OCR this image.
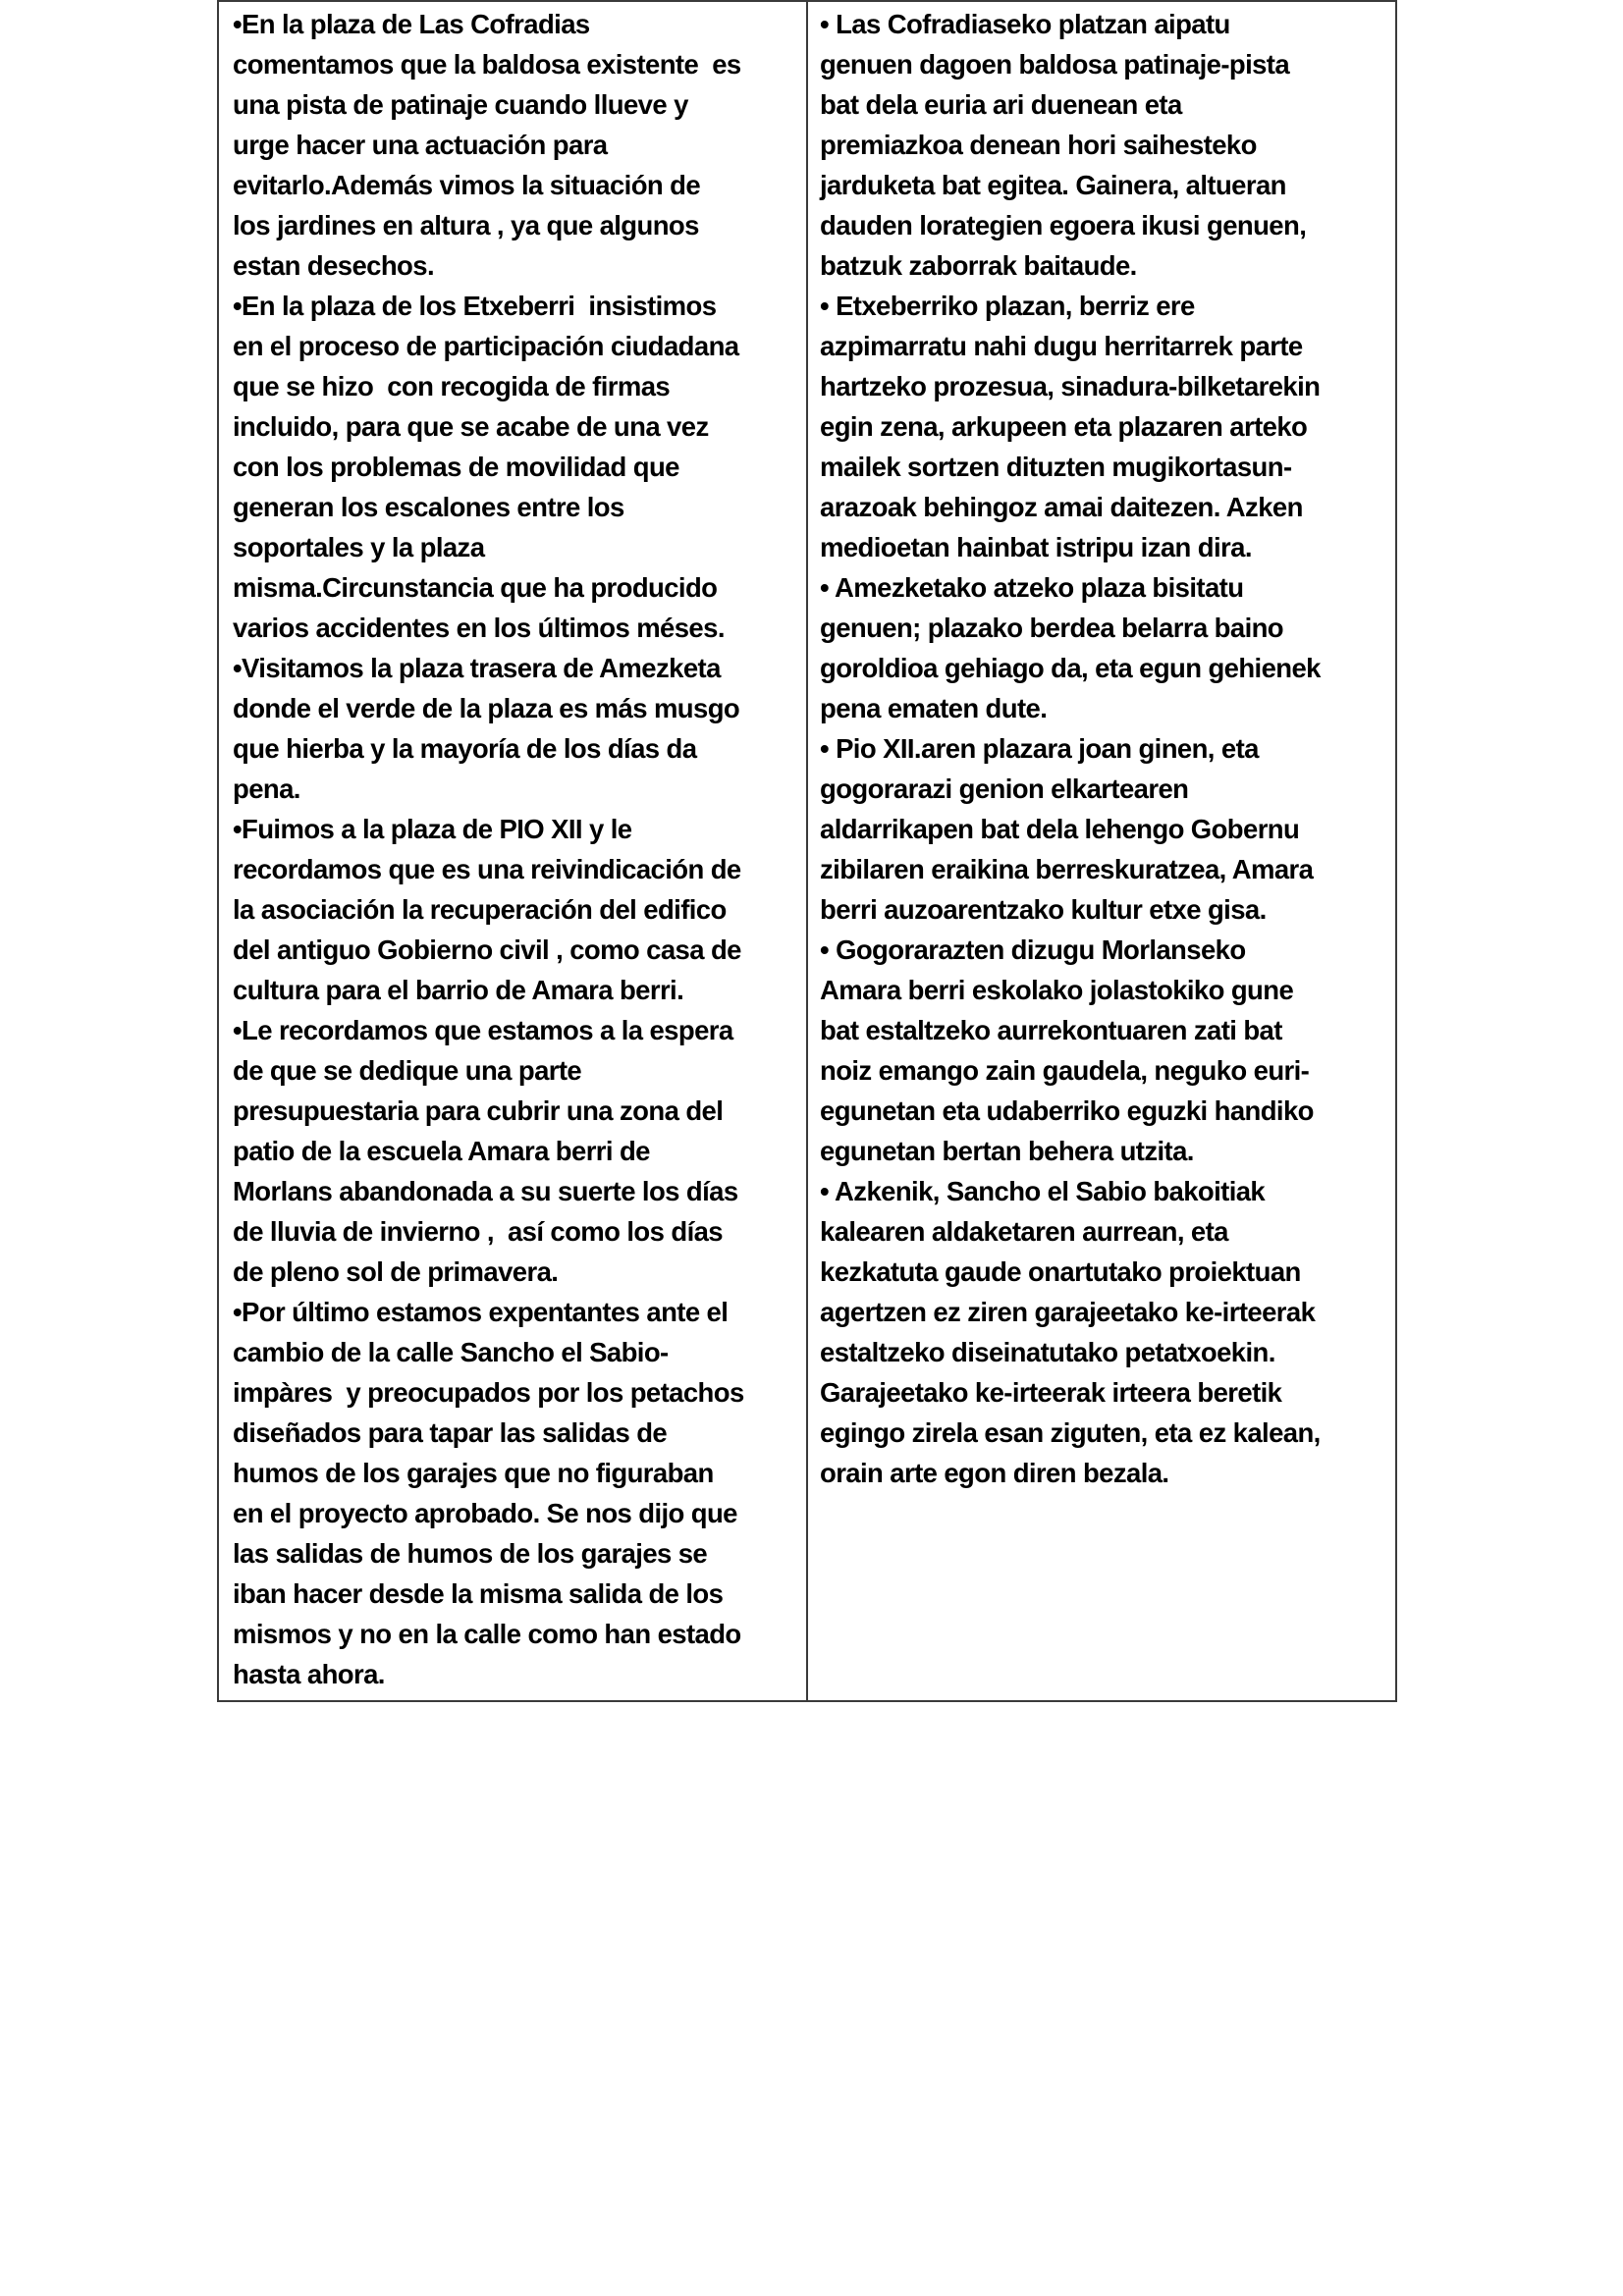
•En la plaza de Las Cofradias
comentamos que la baldosa existente  es
una pista de patinaje cuando llueve y
urge hacer una actuación para
evitarlo.Además vimos la situación de
los jardines en altura , ya que algunos
estan desechos.
•En la plaza de los Etxeberri  insistimos
en el proceso de participación ciudadana
que se hizo  con recogida de firmas
incluido, para que se acabe de una vez
con los problemas de movilidad que
generan los escalones entre los
soportales y la plaza
misma.Circunstancia que ha producido
varios accidentes en los últimos méses.
•Visitamos la plaza trasera de Amezketa
donde el verde de la plaza es más musgo
que hierba y la mayoría de los días da
pena.
•Fuimos a la plaza de PIO XII y le
recordamos que es una reivindicación de
la asociación la recuperación del edifico
del antiguo Gobierno civil , como casa de
cultura para el barrio de Amara berri.
•Le recordamos que estamos a la espera
de que se dedique una parte
presupuestaria para cubrir una zona del
patio de la escuela Amara berri de
Morlans abandonada a su suerte los días
de lluvia de invierno ,  así como los días
de pleno sol de primavera.
•Por último estamos expentantes ante el
cambio de la calle Sancho el Sabio-
impàres  y preocupados por los petachos
diseñados para tapar las salidas de
humos de los garajes que no figuraban
en el proyecto aprobado. Se nos dijo que
las salidas de humos de los garajes se
iban hacer desde la misma salida de los
mismos y no en la calle como han estado
hasta ahora.

• Las Cofradiaseko platzan aipatu
genuen dagoen baldosa patinaje-pista
bat dela euria ari duenean eta
premiazkoa denean hori saihesteko
jarduketa bat egitea. Gainera, altueran
dauden lorategien egoera ikusi genuen,
batzuk zaborrak baitaude.
• Etxeberriko plazan, berriz ere
azpimarratu nahi dugu herritarrek parte
hartzeko prozesua, sinadura-bilketarekin
egin zena, arkupeen eta plazaren arteko
mailek sortzen dituzten mugikortasun-
arazoak behingoz amai daitezen. Azken
medioetan hainbat istripu izan dira.
• Amezketako atzeko plaza bisitatu
genuen; plazako berdea belarra baino
goroldioa gehiago da, eta egun gehienek
pena ematen dute.
• Pio XII.aren plazara joan ginen, eta
gogorarazi genion elkartearen
aldarrikapen bat dela lehengo Gobernu
zibilaren eraikina berreskuratzea, Amara
berri auzoarentzako kultur etxe gisa.
• Gogorarazten dizugu Morlanseko
Amara berri eskolako jolastokiko gune
bat estaltzeko aurrekontuaren zati bat
noiz emango zain gaudela, neguko euri-
egunetan eta udaberriko eguzki handiko
egunetan bertan behera utzita.
• Azkenik, Sancho el Sabio bakoitiak
kalearen aldaketaren aurrean, eta
kezkatuta gaude onartutako proiektuan
agertzen ez ziren garajeetako ke-irteerak
estaltzeko diseinatutako petatxoekin.
Garajeetako ke-irteerak irteera beretik
egingo zirela esan ziguten, eta ez kalean,
orain arte egon diren bezala.
